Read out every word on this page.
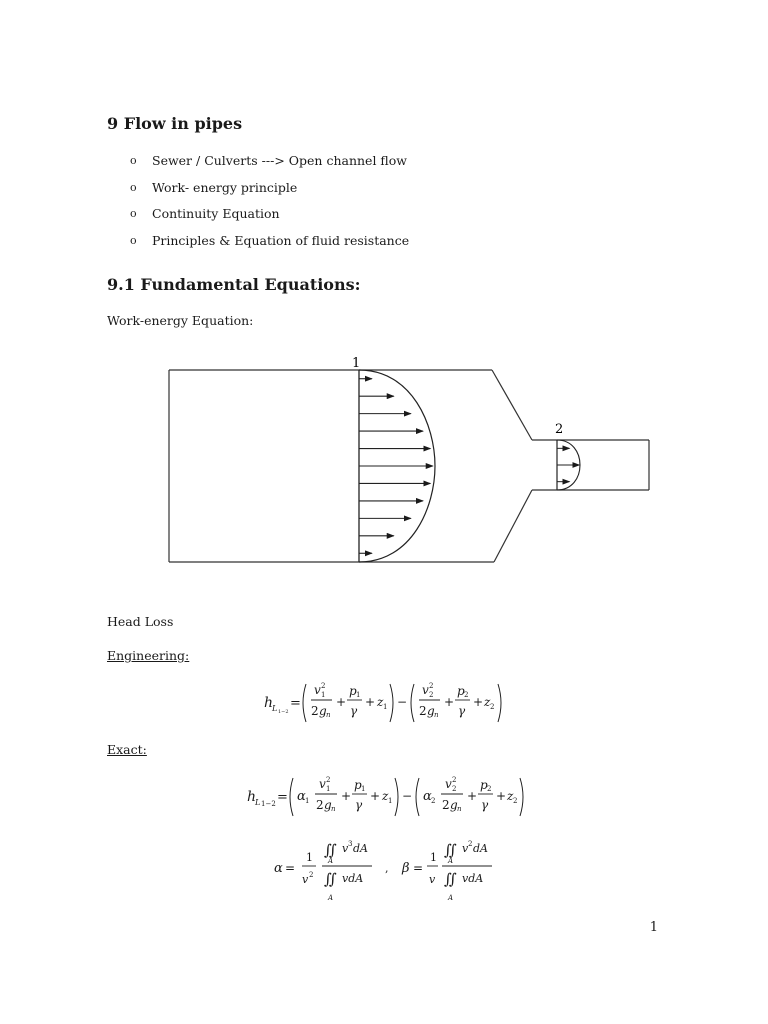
9 Flow in pipes
o Sewer / Culverts ---> Open channel flow
o Work- energy principle
o Continuity Equation
o Principles & Equation of fluid resistance
9.1 Fundamental Equations:
Work-energy Equation:
1
2
Head Loss
Engineering:
h
L 1−2
=
v 2
1
2 g n
+
p 1
γ
+ z 1 −
v 2
2
2 g n
+
p 2
γ
+ z 2
Exact:
h
L 1−2 = α 1
v 2
1
2 g n
+
p 1
γ
+ z 1 − α 2
v 2
2
2 g n
+
p 2
γ
+ z 2
α =
1
v 2
∬
A
v 3 dA
∬
A
vdA
, β =
1
v
∬
A
v 2 dA
∬
A
vdA
1
